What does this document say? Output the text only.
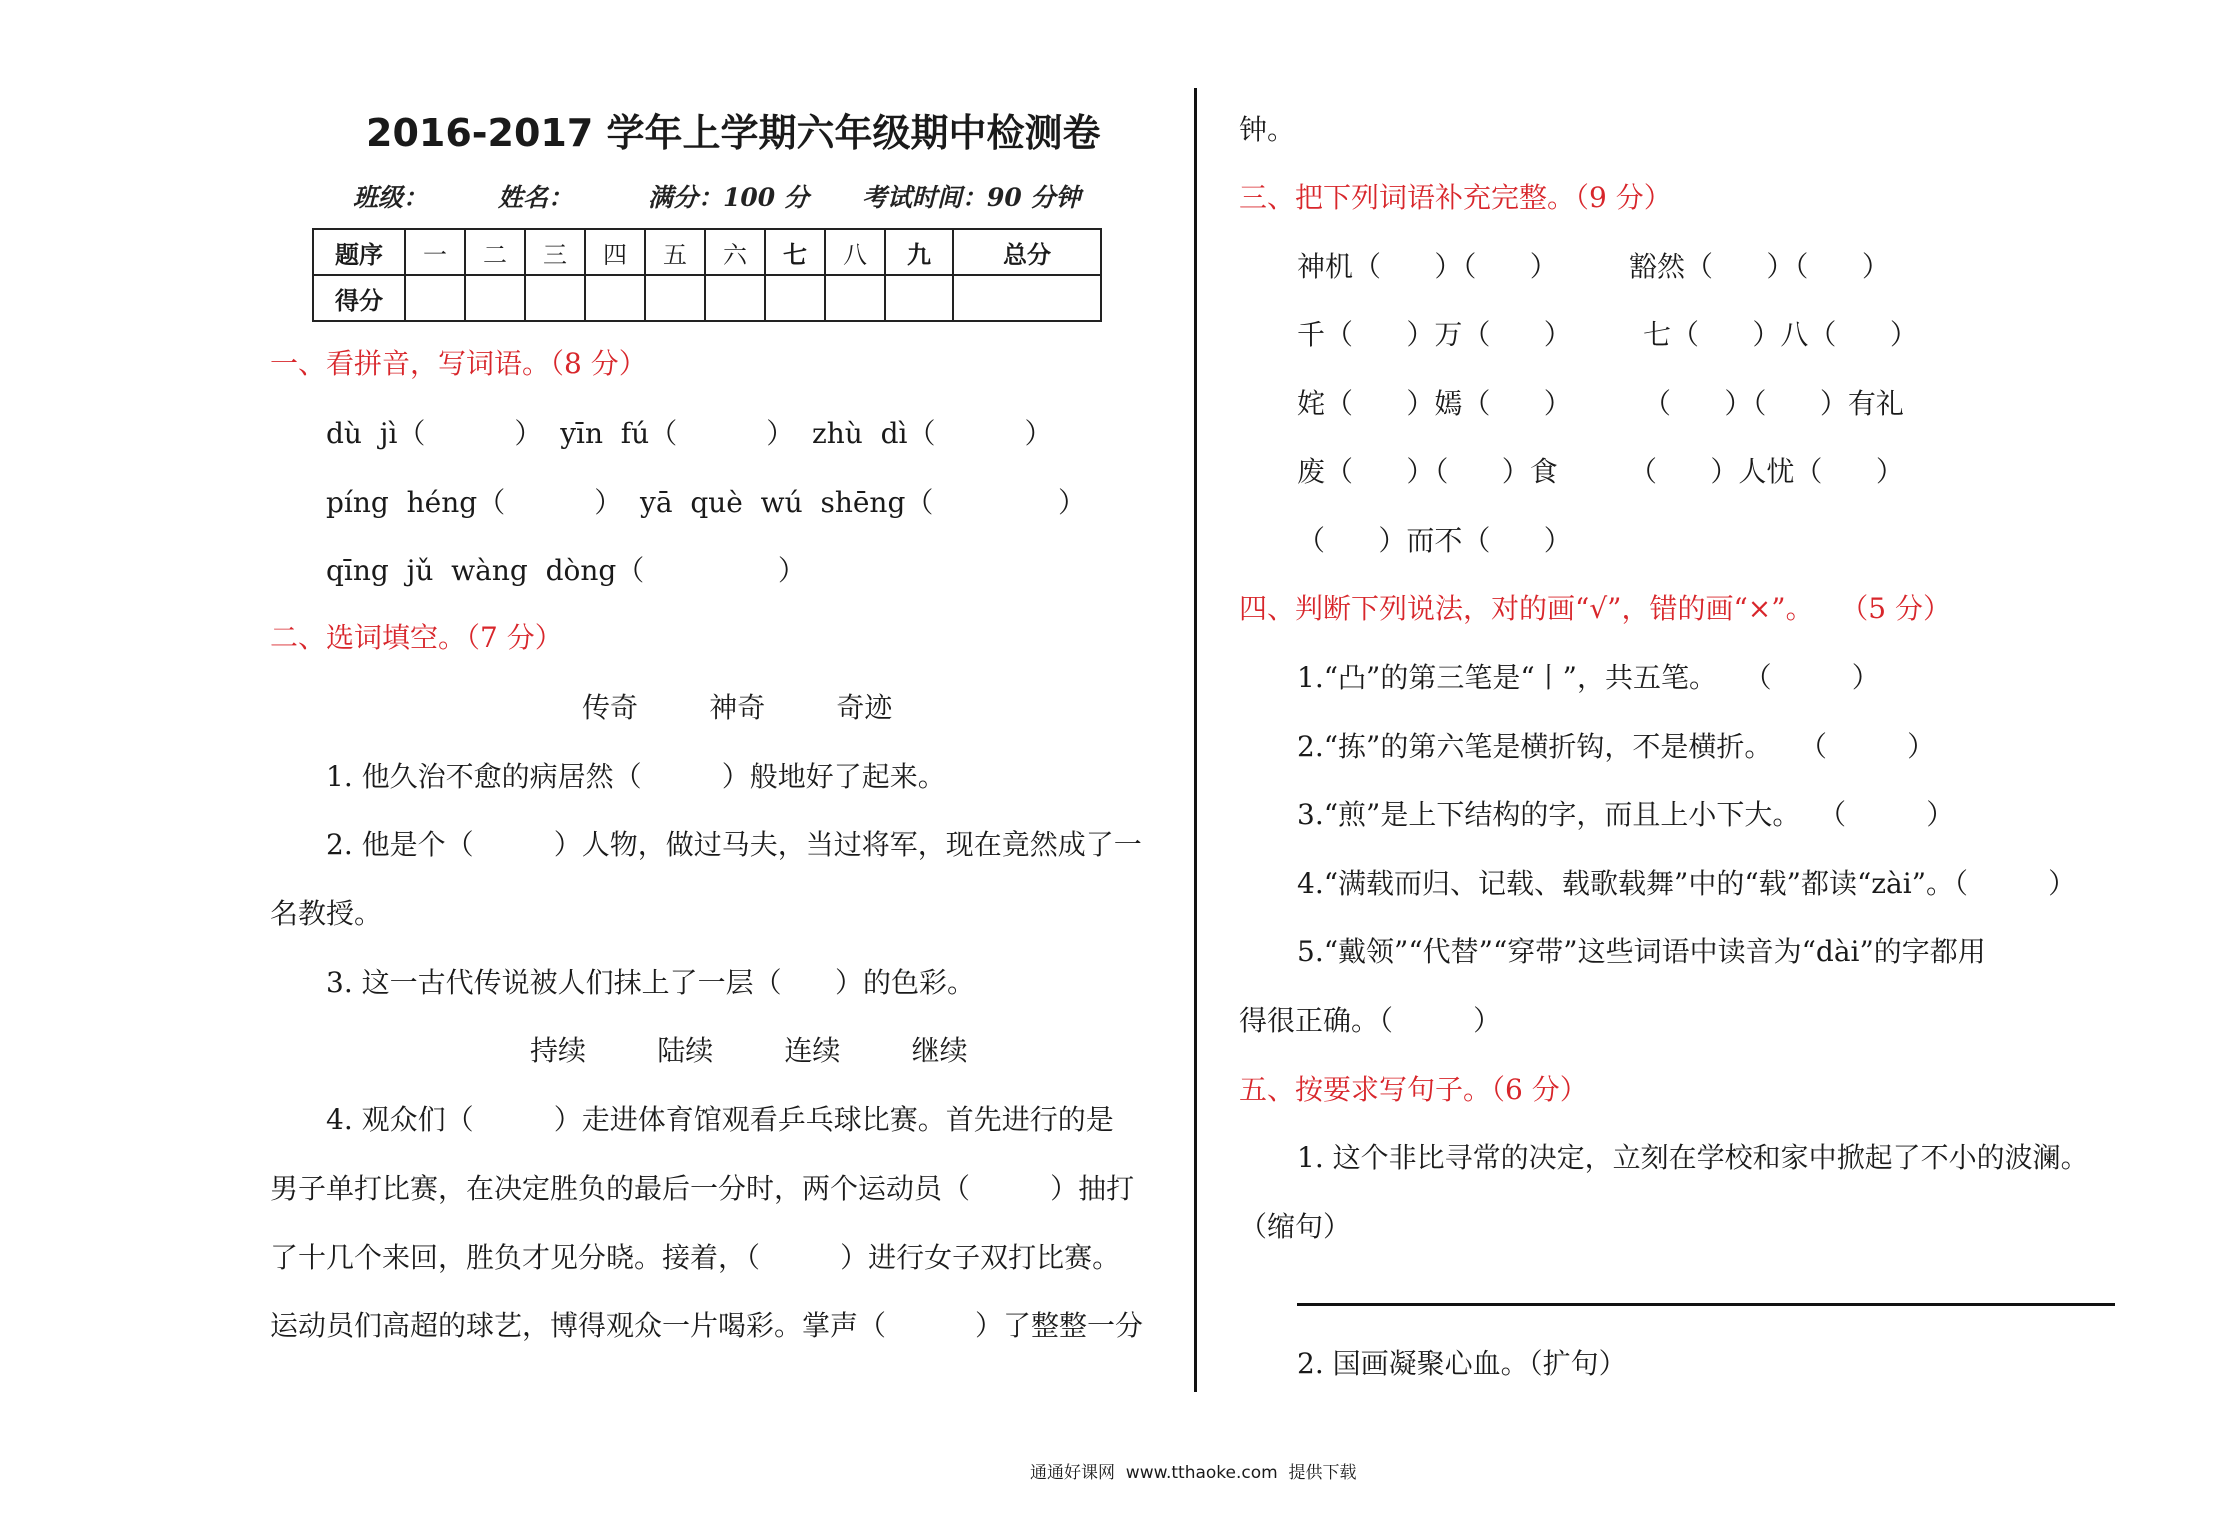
2016-2017 学年上学期六年级期中检测卷
班级：	姓名：	满分：100 分 考试时间：90 分钟
题序	一	二	三	四	五	六	七	八	九	总分
得分										
一、看拼音，写词语。（8 分）
dù  jì（          ）  yīn  fú（          ）  zhù  dì（          ）
píng  héng（          ）  yā  què  wú  shēng（              ）
qīng  jǔ  wàng  dòng（               ）
二、选词填空。（7 分）
传奇        神奇        奇迹
1. 他久治不愈的病居然（         ）般地好了起来。
2. 他是个（         ）人物，做过马夫，当过将军，现在竟然成了一
名教授。
3. 这一古代传说被人们抹上了一层（      ）的色彩。
持续        陆续        连续        继续
4. 观众们（         ）走进体育馆观看乒乓球比赛。首先进行的是
男子单打比赛，在决定胜负的最后一分时，两个运动员（         ）抽打
了十几个来回，胜负才见分晓。接着，（         ）进行女子双打比赛。
运动员们高超的球艺，博得观众一片喝彩。掌声（          ）了整整一分
钟。
三、把下列词语补充完整。（9 分）
神机（      ）（      ）        豁然（      ）（      ）
千（      ）万（      ）        七（      ）八（      ）
姹（      ）嫣（      ）        （      ）（      ）有礼
废（      ）（      ）食        （      ）人忧（      ）
（      ）而不（      ）
四、判断下列说法，对的画“√”，错的画“×”。   （5 分）
1.“凸”的第三笔是“丨”，共五笔。   （         ）
2.“拣”的第六笔是横折钩，不是横折。   （         ）
3.“煎”是上下结构的字，而且上小下大。  （         ）
4.“满载而归、记载、载歌载舞”中的“载”都读“zài”。（         ）
5.“戴领”“代替”“穿带”这些词语中读音为“dài”的字都用
得很正确。（         ）
五、按要求写句子。（6 分）
1. 这个非比寻常的决定，立刻在学校和家中掀起了不小的波澜。
（缩句）
2. 国画凝聚心血。（扩句）
通通好课网  www.tthaoke.com  提供下载
